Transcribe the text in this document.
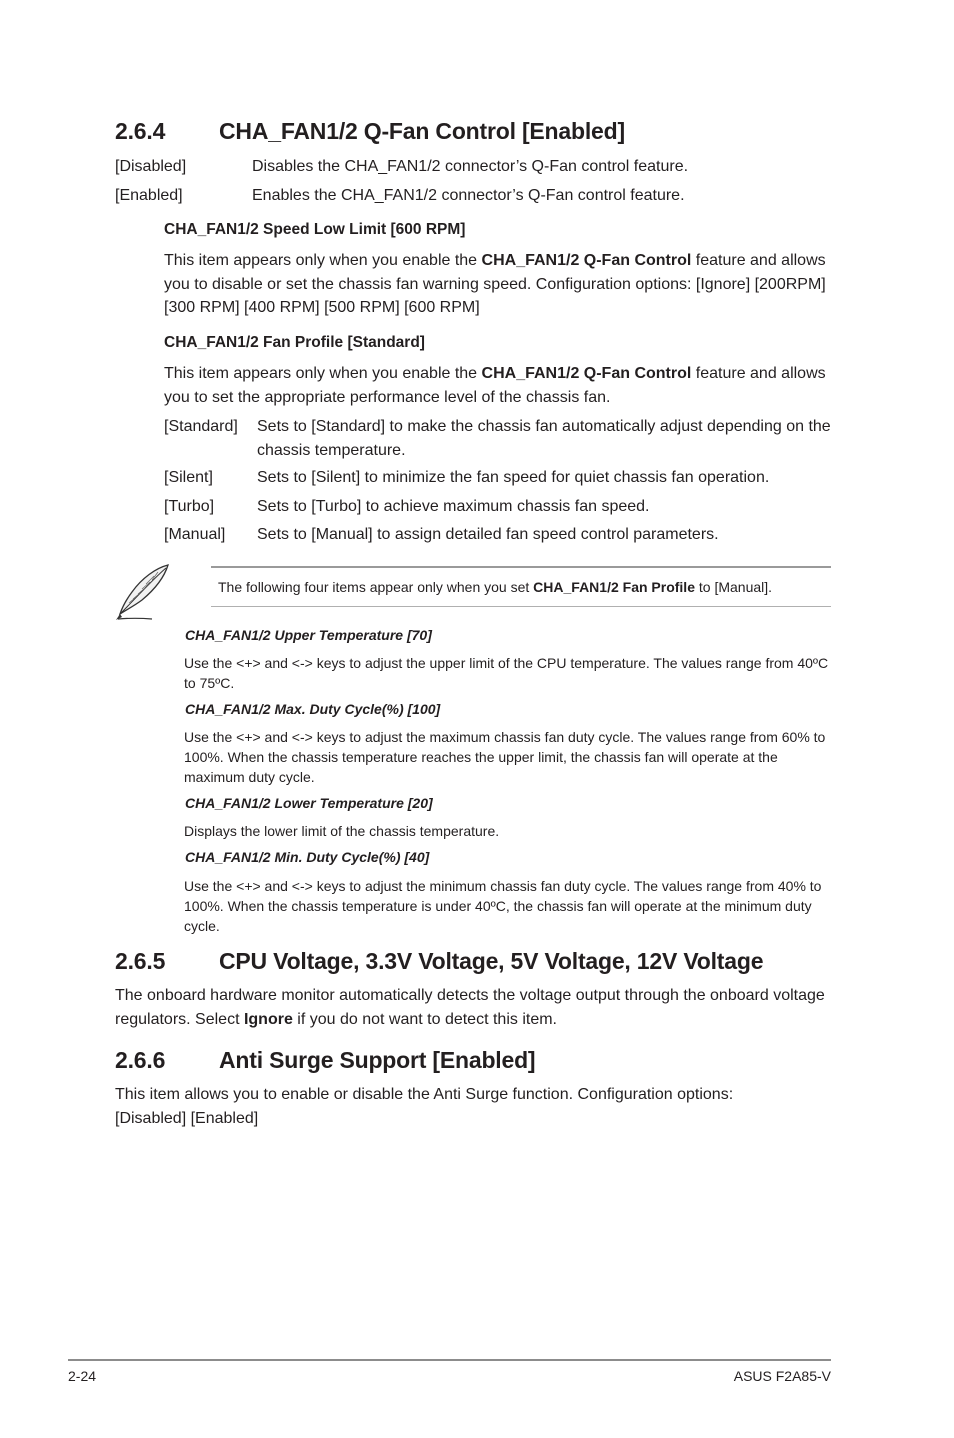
2.6.4 CHA_FAN1/2 Q-Fan Control [Enabled]
[Disabled]	Disables the CHA_FAN1/2 connector’s Q-Fan control feature.
[Enabled]	Enables the CHA_FAN1/2 connector’s Q-Fan control feature.
CHA_FAN1/2 Speed Low Limit [600 RPM]
This item appears only when you enable the CHA_FAN1/2 Q-Fan Control feature and allows you to disable or set the chassis fan warning speed. Configuration options: [Ignore] [200RPM] [300 RPM] [400 RPM] [500 RPM] [600 RPM]
CHA_FAN1/2 Fan Profile [Standard]
This item appears only when you enable the CHA_FAN1/2 Q-Fan Control feature and allows you to set the appropriate performance level of the chassis fan.
[Standard] Sets to [Standard] to make the chassis fan automatically adjust depending on the chassis temperature.
[Silent]	Sets to [Silent] to minimize the fan speed for quiet chassis fan operation.
[Turbo]	Sets to [Turbo] to achieve maximum chassis fan speed.
[Manual] Sets to [Manual] to assign detailed fan speed control parameters.
The following four items appear only when you set CHA_FAN1/2 Fan Profile to [Manual].
CHA_FAN1/2 Upper Temperature [70]
Use the <+> and <-> keys to adjust the upper limit of the CPU temperature. The values range from 40ºC to 75ºC.
CHA_FAN1/2 Max. Duty Cycle(%) [100]
Use the <+> and <-> keys to adjust the maximum chassis fan duty cycle. The values range from 60% to 100%. When the chassis temperature reaches the upper limit, the chassis fan will operate at the maximum duty cycle.
CHA_FAN1/2 Lower Temperature [20]
Displays the lower limit of the chassis temperature.
CHA_FAN1/2 Min. Duty Cycle(%) [40]
Use the <+> and <-> keys to adjust the minimum chassis fan duty cycle. The values range from 40% to 100%. When the chassis temperature is under 40ºC, the chassis fan will operate at the minimum duty cycle.
2.6.5 CPU Voltage, 3.3V Voltage, 5V Voltage, 12V Voltage
The onboard hardware monitor automatically detects the voltage output through the onboard voltage regulators. Select Ignore if you do not want to detect this item.
2.6.6 Anti Surge Support [Enabled]
This item allows you to enable or disable the Anti Surge function. Configuration options: [Disabled] [Enabled]
2-24	ASUS F2A85-V
